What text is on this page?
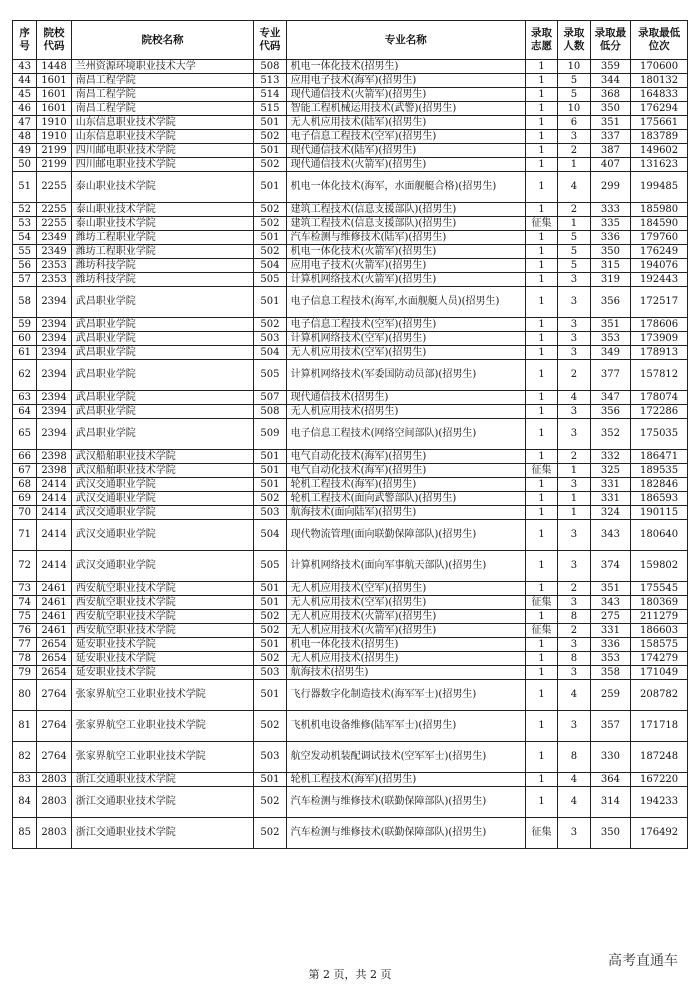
序号	院校代码	院校名称	专业代码	专业名称	录取志愿	录取人数	录取最低分	录取最低位次
43	1448	兰州资源环境职业技术大学	508	机电一体化技术(招男生)	1	10	359	170600
44	1601	南昌工程学院	513	应用电子技术(海军)(招男生)	1	5	344	180132
45	1601	南昌工程学院	514	现代通信技术(火箭军)(招男生)	1	5	368	164833
46	1601	南昌工程学院	515	智能工程机械运用技术(武警)(招男生)	1	10	350	176294
47	1910	山东信息职业技术学院	501	无人机应用技术(陆军)(招男生)	1	6	351	175661
48	1910	山东信息职业技术学院	502	电子信息工程技术(空军)(招男生)	1	3	337	183789
49	2199	四川邮电职业技术学院	501	现代通信技术(陆军)(招男生)	1	2	387	149602
50	2199	四川邮电职业技术学院	502	现代通信技术(火箭军)(招男生)	1	1	407	131623
51	2255	泰山职业技术学院	501	机电一体化技术(海军，水面舰艇合格)(招男生)	1	4	299	199485
52	2255	泰山职业技术学院	502	建筑工程技术(信息支援部队)(招男生)	1	2	333	185980
53	2255	泰山职业技术学院	502	建筑工程技术(信息支援部队)(招男生)	征集	1	335	184590
54	2349	潍坊工程职业学院	501	汽车检测与维修技术(陆军)(招男生)	1	5	336	179760
55	2349	潍坊工程职业学院	502	机电一体化技术(火箭军)(招男生)	1	5	350	176249
56	2353	潍坊科技学院	504	应用电子技术(火箭军)(招男生)	1	5	315	194076
57	2353	潍坊科技学院	505	计算机网络技术(火箭军)(招男生)	1	3	319	192443
58	2394	武昌职业学院	501	电子信息工程技术(海军,水面舰艇人员)(招男生)	1	3	356	172517
59	2394	武昌职业学院	502	电子信息工程技术(空军)(招男生)	1	3	351	178606
60	2394	武昌职业学院	503	计算机网络技术(空军)(招男生)	1	3	353	173909
61	2394	武昌职业学院	504	无人机应用技术(空军)(招男生)	1	3	349	178913
62	2394	武昌职业学院	505	计算机网络技术(军委国防动员部)(招男生)	1	2	377	157812
63	2394	武昌职业学院	507	现代通信技术(招男生)	1	4	347	178074
64	2394	武昌职业学院	508	无人机应用技术(招男生)	1	3	356	172286
65	2394	武昌职业学院	509	电子信息工程技术(网络空间部队)(招男生)	1	3	352	175035
66	2398	武汉船舶职业技术学院	501	电气自动化技术(海军)(招男生)	1	2	332	186471
67	2398	武汉船舶职业技术学院	501	电气自动化技术(海军)(招男生)	征集	1	325	189535
68	2414	武汉交通职业学院	501	轮机工程技术(海军)(招男生)	1	3	331	182846
69	2414	武汉交通职业学院	502	轮机工程技术(面向武警部队)(招男生)	1	1	331	186593
70	2414	武汉交通职业学院	503	航海技术(面向陆军)(招男生)	1	1	324	190115
71	2414	武汉交通职业学院	504	现代物流管理(面向联勤保障部队)(招男生)	1	3	343	180640
72	2414	武汉交通职业学院	505	计算机网络技术(面向军事航天部队)(招男生)	1	3	374	159802
73	2461	西安航空职业技术学院	501	无人机应用技术(空军)(招男生)	1	2	351	175545
74	2461	西安航空职业技术学院	501	无人机应用技术(空军)(招男生)	征集	3	343	180369
75	2461	西安航空职业技术学院	502	无人机应用技术(火箭军)(招男生)	1	8	275	211279
76	2461	西安航空职业技术学院	502	无人机应用技术(火箭军)(招男生)	征集	2	331	186603
77	2654	延安职业技术学院	501	机电一体化技术(招男生)	1	3	336	158575
78	2654	延安职业技术学院	502	无人机应用技术(招男生)	1	8	353	174279
79	2654	延安职业技术学院	503	航海技术(招男生)	1	3	358	171049
80	2764	张家界航空工业职业技术学院	501	飞行器数字化制造技术(海军军士)(招男生)	1	4	259	208782
81	2764	张家界航空工业职业技术学院	502	飞机机电设备维修(陆军军士)(招男生)	1	3	357	171718
82	2764	张家界航空工业职业技术学院	503	航空发动机装配调试技术(空军军士)(招男生)	1	8	330	187248
83	2803	浙江交通职业技术学院	501	轮机工程技术(海军)(招男生)	1	4	364	167220
84	2803	浙江交通职业技术学院	502	汽车检测与维修技术(联勤保障部队)(招男生)	1	4	314	194233
85	2803	浙江交通职业技术学院	502	汽车检测与维修技术(联勤保障部队)(招男生)	征集	3	350	176492
第 2 页，共 2 页
高考直通车
